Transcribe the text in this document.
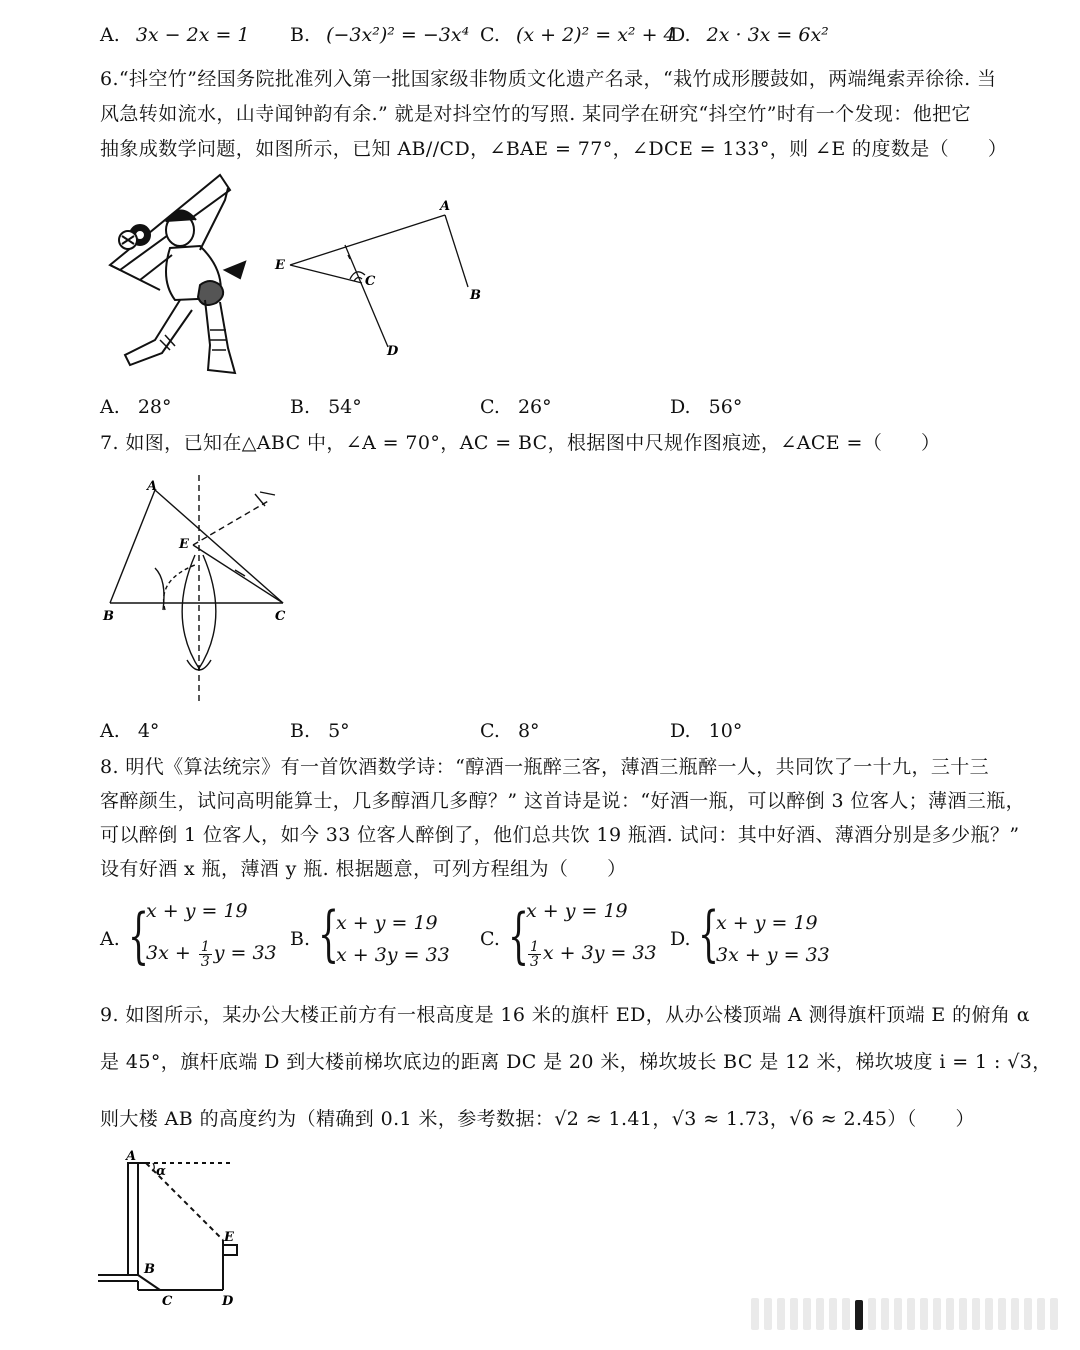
A. 3x − 2x = 1 B. (−3x²)² = −3x⁴ C. (x + 2)² = x² + 4
D. 2x · 3x = 6x²
6.“抖空竹”经国务院批准列入第一批国家级非物质文化遗产名录，“栽竹成形腰鼓如，两端绳索弄徐徐. 当
风急转如流水，山寺闻钟韵有余.” 就是对抖空竹的写照. 某同学在研究“抖空竹”时有一个发现：他把它
抽象成数学问题，如图所示，已知 AB//CD，∠BAE = 77°，∠DCE = 133°，则 ∠E 的度数是（　　）
A
B
C
D
E
A. 28°	B. 54°	C. 26°	D. 56°
7. 如图，已知在△ABC 中，∠A = 70°，AC = BC，根据图中尺规作图痕迹，∠ACE =（　　）
A
B	C
E
A. 4°	B. 5°	C. 8°	D. 10°
8. 明代《算法统宗》有一首饮酒数学诗：“醇酒一瓶醉三客，薄酒三瓶醉一人，共同饮了一十九，三十三
客醉颜生，试问高明能算士，几多醇酒几多醇？” 这首诗是说：“好酒一瓶，可以醉倒 3 位客人；薄酒三瓶，
可以醉倒 1 位客人，如今 33 位客人醉倒了，他们总共饮 19 瓶酒. 试问：其中好酒、薄酒分别是多少瓶？”
设有好酒 x 瓶，薄酒 y 瓶. 根据题意，可列方程组为（　　）
A. {
x + y = 19
$3x + \frac{1}{3}$ y = 33
B. {
x + y = 19
x + 3y = 33
C. {
x + y = 19
$\frac{1}{3}$ x + 3y = 33
D. {
x + y = 19
3x + y = 33
9. 如图所示，某办公大楼正前方有一根高度是 16 米的旗杆 ED，从办公楼顶端 A 测得旗杆顶端 E 的俯角 α
是 45°，旗杆底端 D 到大楼前梯坎底边的距离 DC 是 20 米，梯坎坡长 BC 是 12 米，梯坎坡度 i = 1 : √3，
则大楼 AB 的高度约为（精确到 0.1 米，参考数据：√2 ≈ 1.41，√3 ≈ 1.73，√6 ≈ 2.45）（　　）
A
α
B
C	D
E
